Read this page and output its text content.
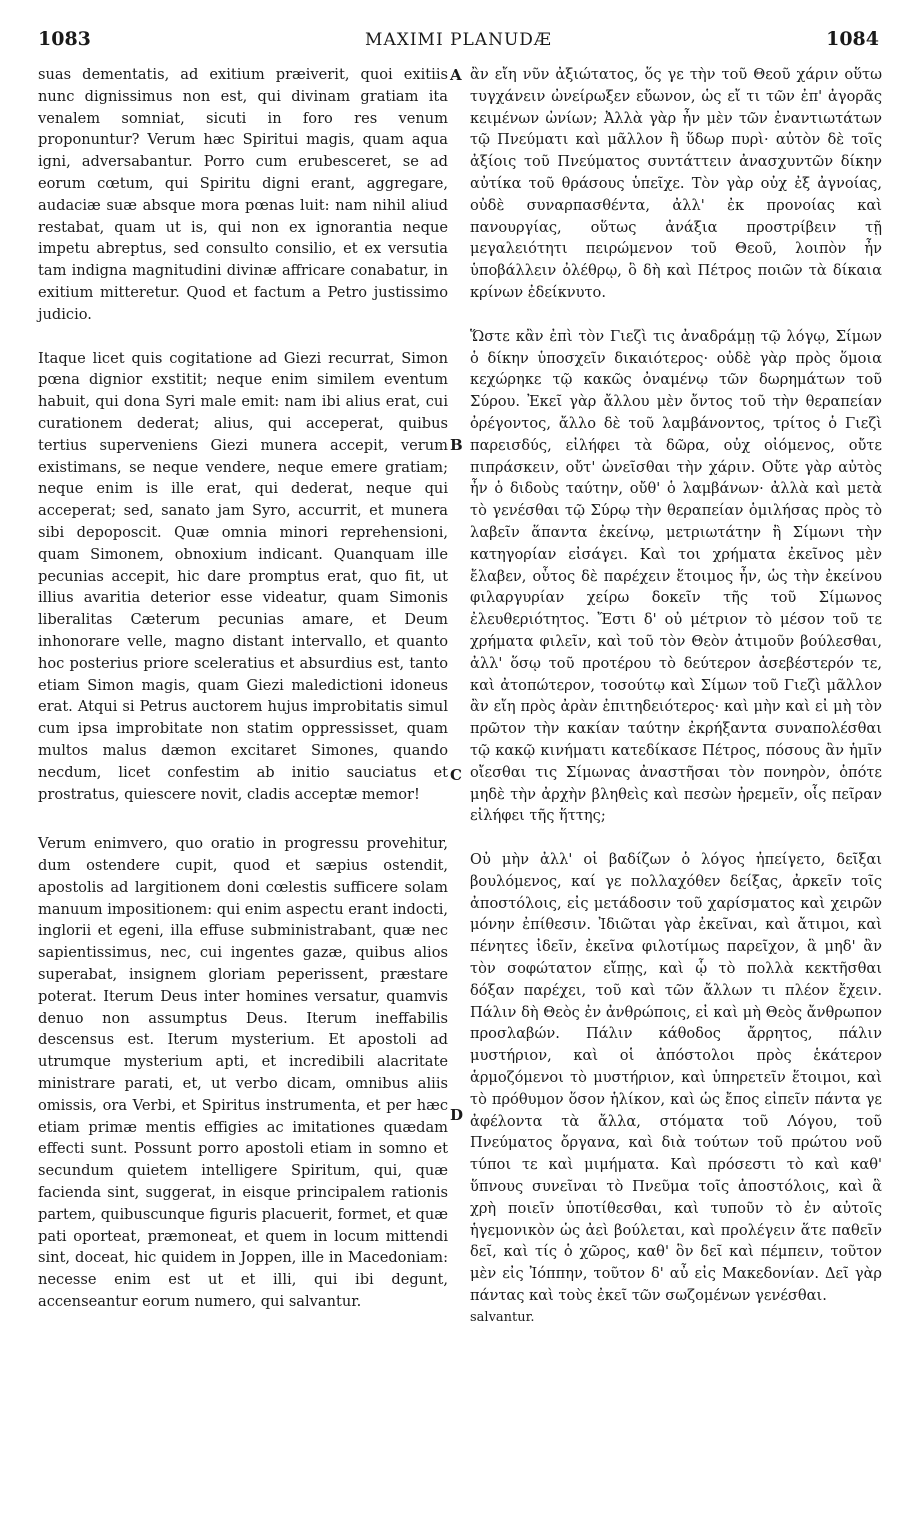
1083	MAXIMI PLANUDÆ	1084

suas dementatis, ad exitium præiverit, quoi exitiis nunc dignissimus non est, qui divinam gratiam ita venalem somniat, sicuti in foro res venum proponuntur? Verum hæc Spiritui magis, quam aqua igni, adversabantur. Porro cum erubesceret, se ad eorum cœtum, qui Spiritu digni erant, aggregare, audaciæ suæ absque mora pœnas luit: nam nihil aliud restabat, quam ut is, qui non ex ignorantia neque impetu abreptus, sed consulto consilio, et ex versutia tam indigna magnitudini divinæ affricare conabatur, in exitium mitteretur. Quod et factum a Petro justissimo judicio.

Itaque licet quis cogitatione ad Giezi recurrat, Simon pœna dignior exstitit; neque enim similem eventum habuit, qui dona Syri male emit: nam ibi alius erat, cui curationem dederat; alius, qui acceperat, quibus tertius superveniens Giezi munera accepit, verum existimans, se neque vendere, neque emere gratiam; neque enim is ille erat, qui dederat, neque qui acceperat; sed, sanato jam Syro, accurrit, et munera sibi depoposcit. Quæ omnia minori reprehensioni, quam Simonem, obnoxium indicant. Quanquam ille pecunias accepit, hic dare promptus erat, quo fit, ut illius avaritia deterior esse videatur, quam Simonis liberalitas Cæterum pecunias amare, et Deum inhonorare velle, magno distant intervallo, et quanto hoc posterius priore sceleratius et absurdius est, tanto etiam Simon magis, quam Giezi maledictioni idoneus erat. Atqui si Petrus auctorem hujus improbitatis simul cum ipsa improbitate non statim oppressisset, quam multos malus dæmon excitaret Simones, quando necdum, licet confestim ab initio sauciatus et prostratus, quiescere novit, cladis acceptæ memor!

Verum enimvero, quo oratio in progressu provehitur, dum ostendere cupit, quod et sæpius ostendit, apostolis ad largitionem doni cœlestis sufficere solam manuum impositionem: qui enim aspectu erant indocti, inglorii et egeni, illa effuse subministrabant, quæ nec sapientissimus, nec, cui ingentes gazæ, quibus alios superabat, insignem gloriam peperissent, præstare poterat. Iterum Deus inter homines versatur, quamvis denuo non assumptus Deus. Iterum ineffabilis descensus est. Iterum mysterium. Et apostoli ad utrumque mysterium apti, et incredibili alacritate ministrare parati, et, ut verbo dicam, omnibus aliis omissis, ora Verbi, et Spiritus instrumenta, et per hæc etiam primæ mentis effigies ac imitationes quædam effecti sunt. Possunt porro apostoli etiam in somno et secundum quietem intelligere Spiritum, qui, quæ facienda sint, suggerat, in eisque principalem rationis partem, quibuscunque figuris placuerit, formet, et quæ pati oporteat, præmoneat, et quem in locum mittendi sint, doceat, hic quidem in Joppen, ille in Macedoniam: necesse enim est ut et illi, qui ibi degunt, accenseantur eorum numero, qui salvantur.

A
B
C
D

ἂν εἴη νῦν ἀξιώτατος, ὅς γε τὴν τοῦ Θεοῦ χάριν οὕτω τυγχάνειν ὠνείρωξεν εὔωνον, ὡς εἴ τι τῶν ἐπ' ἀγορᾶς κειμένων ὠνίων; Ἀλλὰ γὰρ ἦν μὲν τῶν ἐναντιωτάτων τῷ Πνεύματι καὶ μᾶλλον ἢ ὕδωρ πυρὶ· αὐτὸν δὲ τοῖς ἀξίοις τοῦ Πνεύματος συντάττειν ἀνασχυντῶν δίκην αὐτίκα τοῦ θράσους ὑπεῖχε. Τὸν γὰρ οὐχ ἐξ ἀγνοίας, οὐδὲ συναρπασθέντα, ἀλλ' ἐκ προνοίας καὶ πανουργίας, οὕτως ἀνάξια προστρίβειν τῇ μεγαλειότητι πειρώμενον τοῦ Θεοῦ, λοιπὸν ἦν ὑποβάλλειν ὀλέθρῳ, ὃ δὴ καὶ Πέτρος ποιῶν τὰ δίκαια κρίνων ἐδείκνυτο.

Ὥστε κἂν ἐπὶ τὸν Γιεζὶ τις ἀναδράμῃ τῷ λόγῳ, Σίμων ὁ δίκην ὑποσχεῖν δικαιότερος· οὐδὲ γὰρ πρὸς ὅμοια κεχώρηκε τῷ κακῶς ὀναμένῳ τῶν δωρημάτων τοῦ Σύρου. Ἐκεῖ γὰρ ἄλλου μὲν ὄντος τοῦ τὴν θεραπείαν ὀρέγοντος, ἄλλο δὲ τοῦ λαμβάνοντος, τρίτος ὁ Γιεζὶ παρεισδύς, εἰλήφει τὰ δῶρα, οὐχ οἰόμενος, οὔτε πιπράσκειν, οὔτ' ὠνεῖσθαι τὴν χάριν. Οὔτε γὰρ αὐτὸς ἦν ὁ διδοὺς ταύτην, οὔθ' ὁ λαμβάνων· ἀλλὰ καὶ μετὰ τὸ γενέσθαι τῷ Σύρῳ τὴν θεραπείαν ὁμιλήσας πρὸς τὸ λαβεῖν ἅπαντα ἐκείνῳ, μετριωτάτην ἢ Σίμωνι τὴν κατηγορίαν εἰσάγει. Καὶ τοι χρήματα ἐκεῖνος μὲν ἔλαβεν, οὗτος δὲ παρέχειν ἕτοιμος ἦν, ὡς τὴν ἐκείνου φιλαργυρίαν χείρω δοκεῖν τῆς τοῦ Σίμωνος ἐλευθεριότητος. Ἔστι δ' οὐ μέτριον τὸ μέσον τοῦ τε χρήματα φιλεῖν, καὶ τοῦ τὸν Θεὸν ἀτιμοῦν βούλεσθαι, ἀλλ' ὅσῳ τοῦ προτέρου τὸ δεύτερον ἀσεβέστερόν τε, καὶ ἀτοπώτερον, τοσούτῳ καὶ Σίμων τοῦ Γιεζὶ μᾶλλον ἂν εἴη πρὸς ἀρὰν ἐπιτηδειότερος· καὶ μὴν καὶ εἰ μὴ τὸν πρῶτον τὴν κακίαν ταύτην ἐκρήξαντα συναπολέσθαι τῷ κακῷ κινήματι κατεδίκασε Πέτρος, πόσους ἂν ἡμῖν οἴεσθαι τις Σίμωνας ἀναστῆσαι τὸν πονηρὸν, ὁπότε μηδὲ τὴν ἀρχὴν βληθεὶς καὶ πεσὼν ἠρεμεῖν, οἷς πεῖραν εἰλήφει τῆς ἥττης;

Οὐ μὴν ἀλλ' οἱ βαδίζων ὁ λόγος ἠπείγετο, δεῖξαι βουλόμενος, καί γε πολλαχόθεν δείξας, ἀρκεῖν τοῖς ἀποστόλοις, εἰς μετάδοσιν τοῦ χαρίσματος καὶ χειρῶν μόνην ἐπίθεσιν. Ἰδιῶται γὰρ ἐκεῖναι, καὶ ἄτιμοι, καὶ πένητες ἰδεῖν, ἐκεῖνα φιλοτίμως παρεῖχον, ἃ μηδ' ἂν τὸν σοφώτατον εἴπῃς, καὶ ᾧ τὸ πολλὰ κεκτῆσθαι δόξαν παρέχει, τοῦ καὶ τῶν ἄλλων τι πλέον ἔχειν. Πάλιν δὴ Θεὸς ἐν ἀνθρώποις, εἰ καὶ μὴ Θεὸς ἄνθρωπον προσλαβών. Πάλιν κάθοδος ἄρρητος, πάλιν μυστήριον, καὶ οἱ ἀπόστολοι πρὸς ἑκάτερον ἁρμοζόμενοι τὸ μυστήριον, καὶ ὑπηρετεῖν ἕτοιμοι, καὶ τὸ πρόθυμον ὅσον ἡλίκον, καὶ ὡς ἔπος εἰπεῖν πάντα γε ἀφέλοντα τὰ ἄλλα, στόματα τοῦ Λόγου, τοῦ Πνεύματος ὄργανα, καὶ διὰ τούτων τοῦ πρώτου νοῦ τύποι τε καὶ μιμήματα. Καὶ πρόσεστι τὸ καὶ καθ' ὕπνους συνεῖναι τὸ Πνεῦμα τοῖς ἀποστόλοις, καὶ ἃ χρὴ ποιεῖν ὑποτίθεσθαι, καὶ τυποῦν τὸ ἐν αὐτοῖς ἡγεμονικὸν ὡς ἀεὶ βούλεται, καὶ προλέγειν ἅτε παθεῖν δεῖ, καὶ τίς ὁ χῶρος, καθ' ὃν δεῖ καὶ πέμπειν, τοῦτον μὲν εἰς Ἰόππην, τοῦτον δ' αὖ εἰς Μακεδονίαν. Δεῖ γὰρ πάντας καὶ τοὺς ἐκεῖ τῶν σωζομένων γενέσθαι.

salvantur.
